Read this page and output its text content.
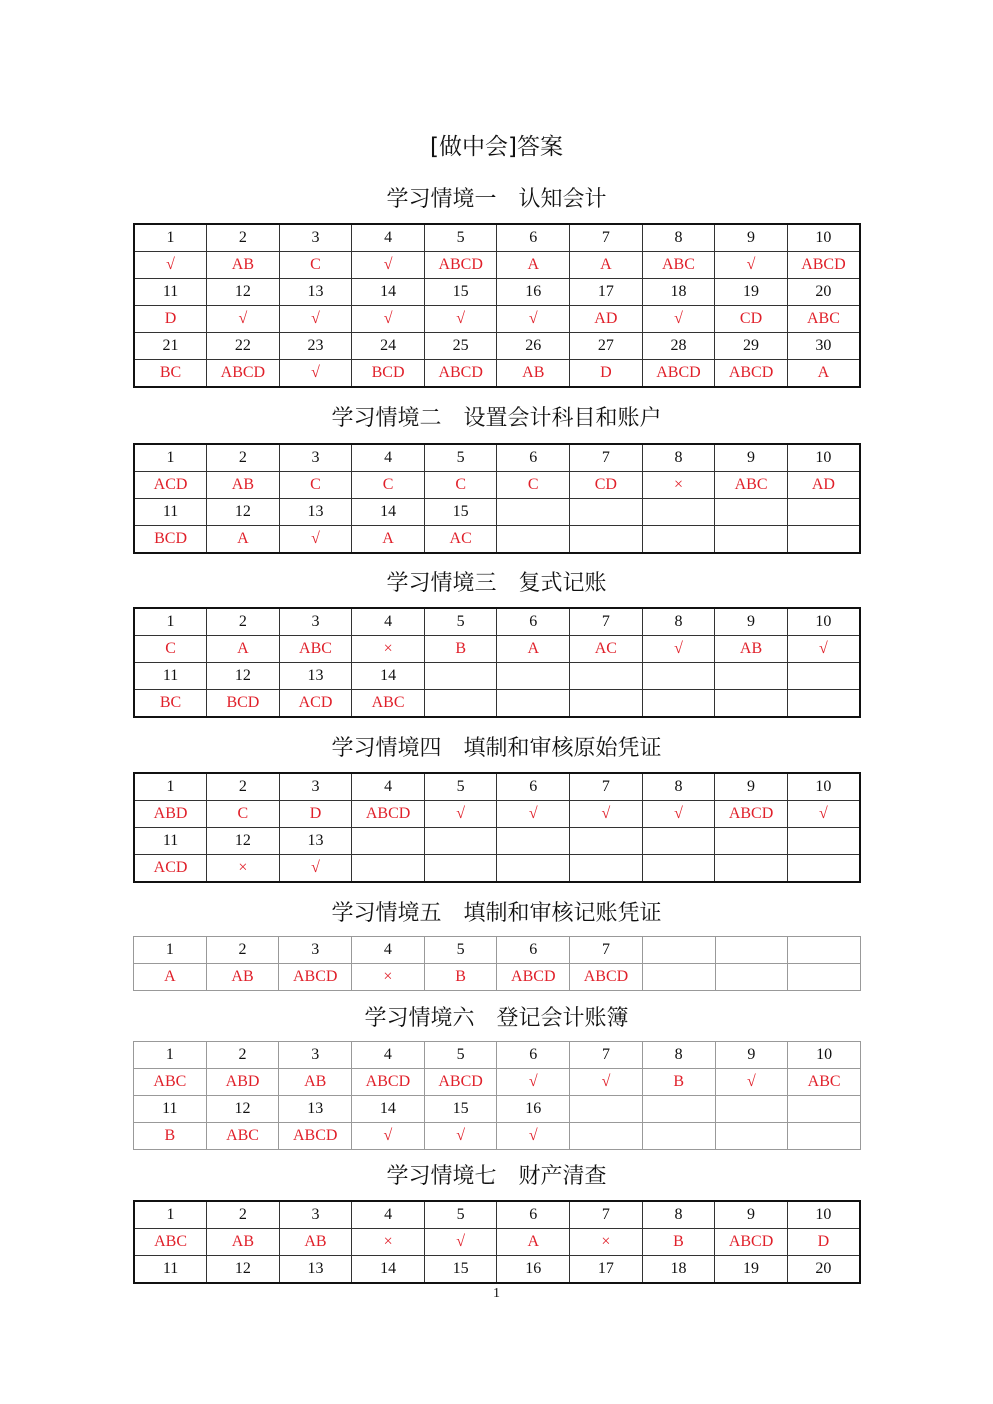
[做中会]答案
学习情境一　认知会计
1	2	3	4	5	6	7	8	9	10
√	AB	C	√	ABCD	A	A	ABC	√	ABCD
11	12	13	14	15	16	17	18	19	20
D	√	√	√	√	√	AD	√	CD	ABC
21	22	23	24	25	26	27	28	29	30
BC	ABCD	√	BCD	ABCD	AB	D	ABCD	ABCD	A
学习情境二　设置会计科目和账户
1	2	3	4	5	6	7	8	9	10
ACD	AB	C	C	C	C	CD	×	ABC	AD
11	12	13	14	15					
BCD	A	√	A	AC					
学习情境三　复式记账
1	2	3	4	5	6	7	8	9	10
C	A	ABC	×	B	A	AC	√	AB	√
11	12	13	14						
BC	BCD	ACD	ABC						
学习情境四　填制和审核原始凭证
1	2	3	4	5	6	7	8	9	10
ABD	C	D	ABCD	√	√	√	√	ABCD	√
11	12	13							
ACD	×	√							
学习情境五　填制和审核记账凭证
1	2	3	4	5	6	7			
A	AB	ABCD	×	B	ABCD	ABCD			
学习情境六　登记会计账簿
1	2	3	4	5	6	7	8	9	10
ABC	ABD	AB	ABCD	ABCD	√	√	B	√	ABC
11	12	13	14	15	16				
B	ABC	ABCD	√	√	√				
学习情境七　财产清查
1	2	3	4	5	6	7	8	9	10
ABC	AB	AB	×	√	A	×	B	ABCD	D
11	12	13	14	15	16	17	18	19	20
1
